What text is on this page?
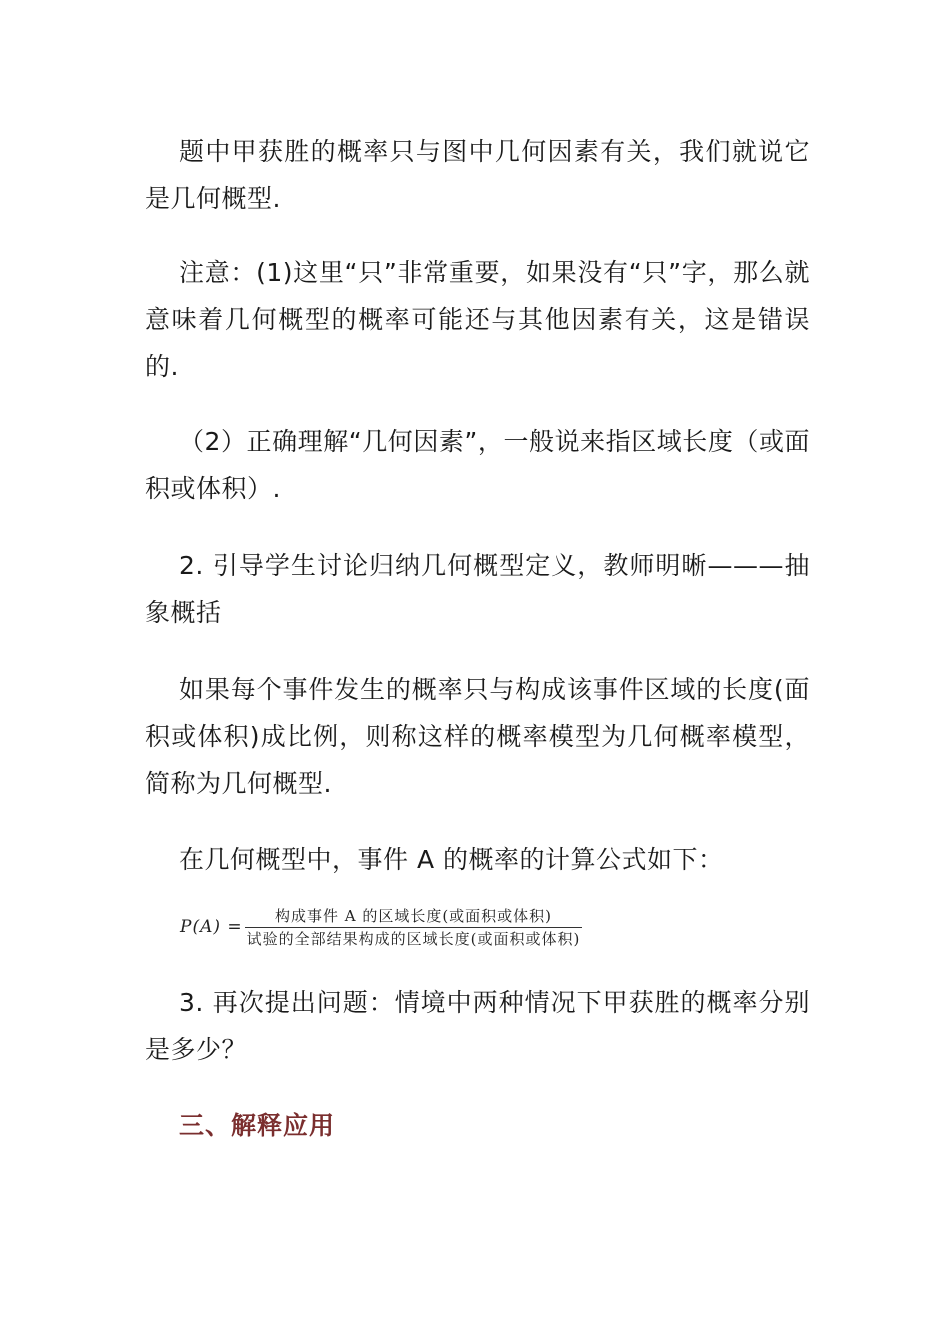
题中甲获胜的概率只与图中几何因素有关，我们就说它是几何概型.

注意：(1)这里“只”非常重要，如果没有“只”字，那么就意味着几何概型的概率可能还与其他因素有关，这是错误的.

（2）正确理解“几何因素”，一般说来指区域长度（或面积或体积）.

2. 引导学生讨论归纳几何概型定义，教师明晰———抽象概括

如果每个事件发生的概率只与构成该事件区域的长度(面积或体积)成比例，则称这样的概率模型为几何概率模型，简称为几何概型.

在几何概型中，事件 A 的概率的计算公式如下：

$P(A) = \frac{\text{构成事件 A 的区域长度(或面积或体积)}}{\text{试验的全部结果构成的区域长度(或面积或体积)}}$

3. 再次提出问题：情境中两种情况下甲获胜的概率分别是多少？

三、解释应用
